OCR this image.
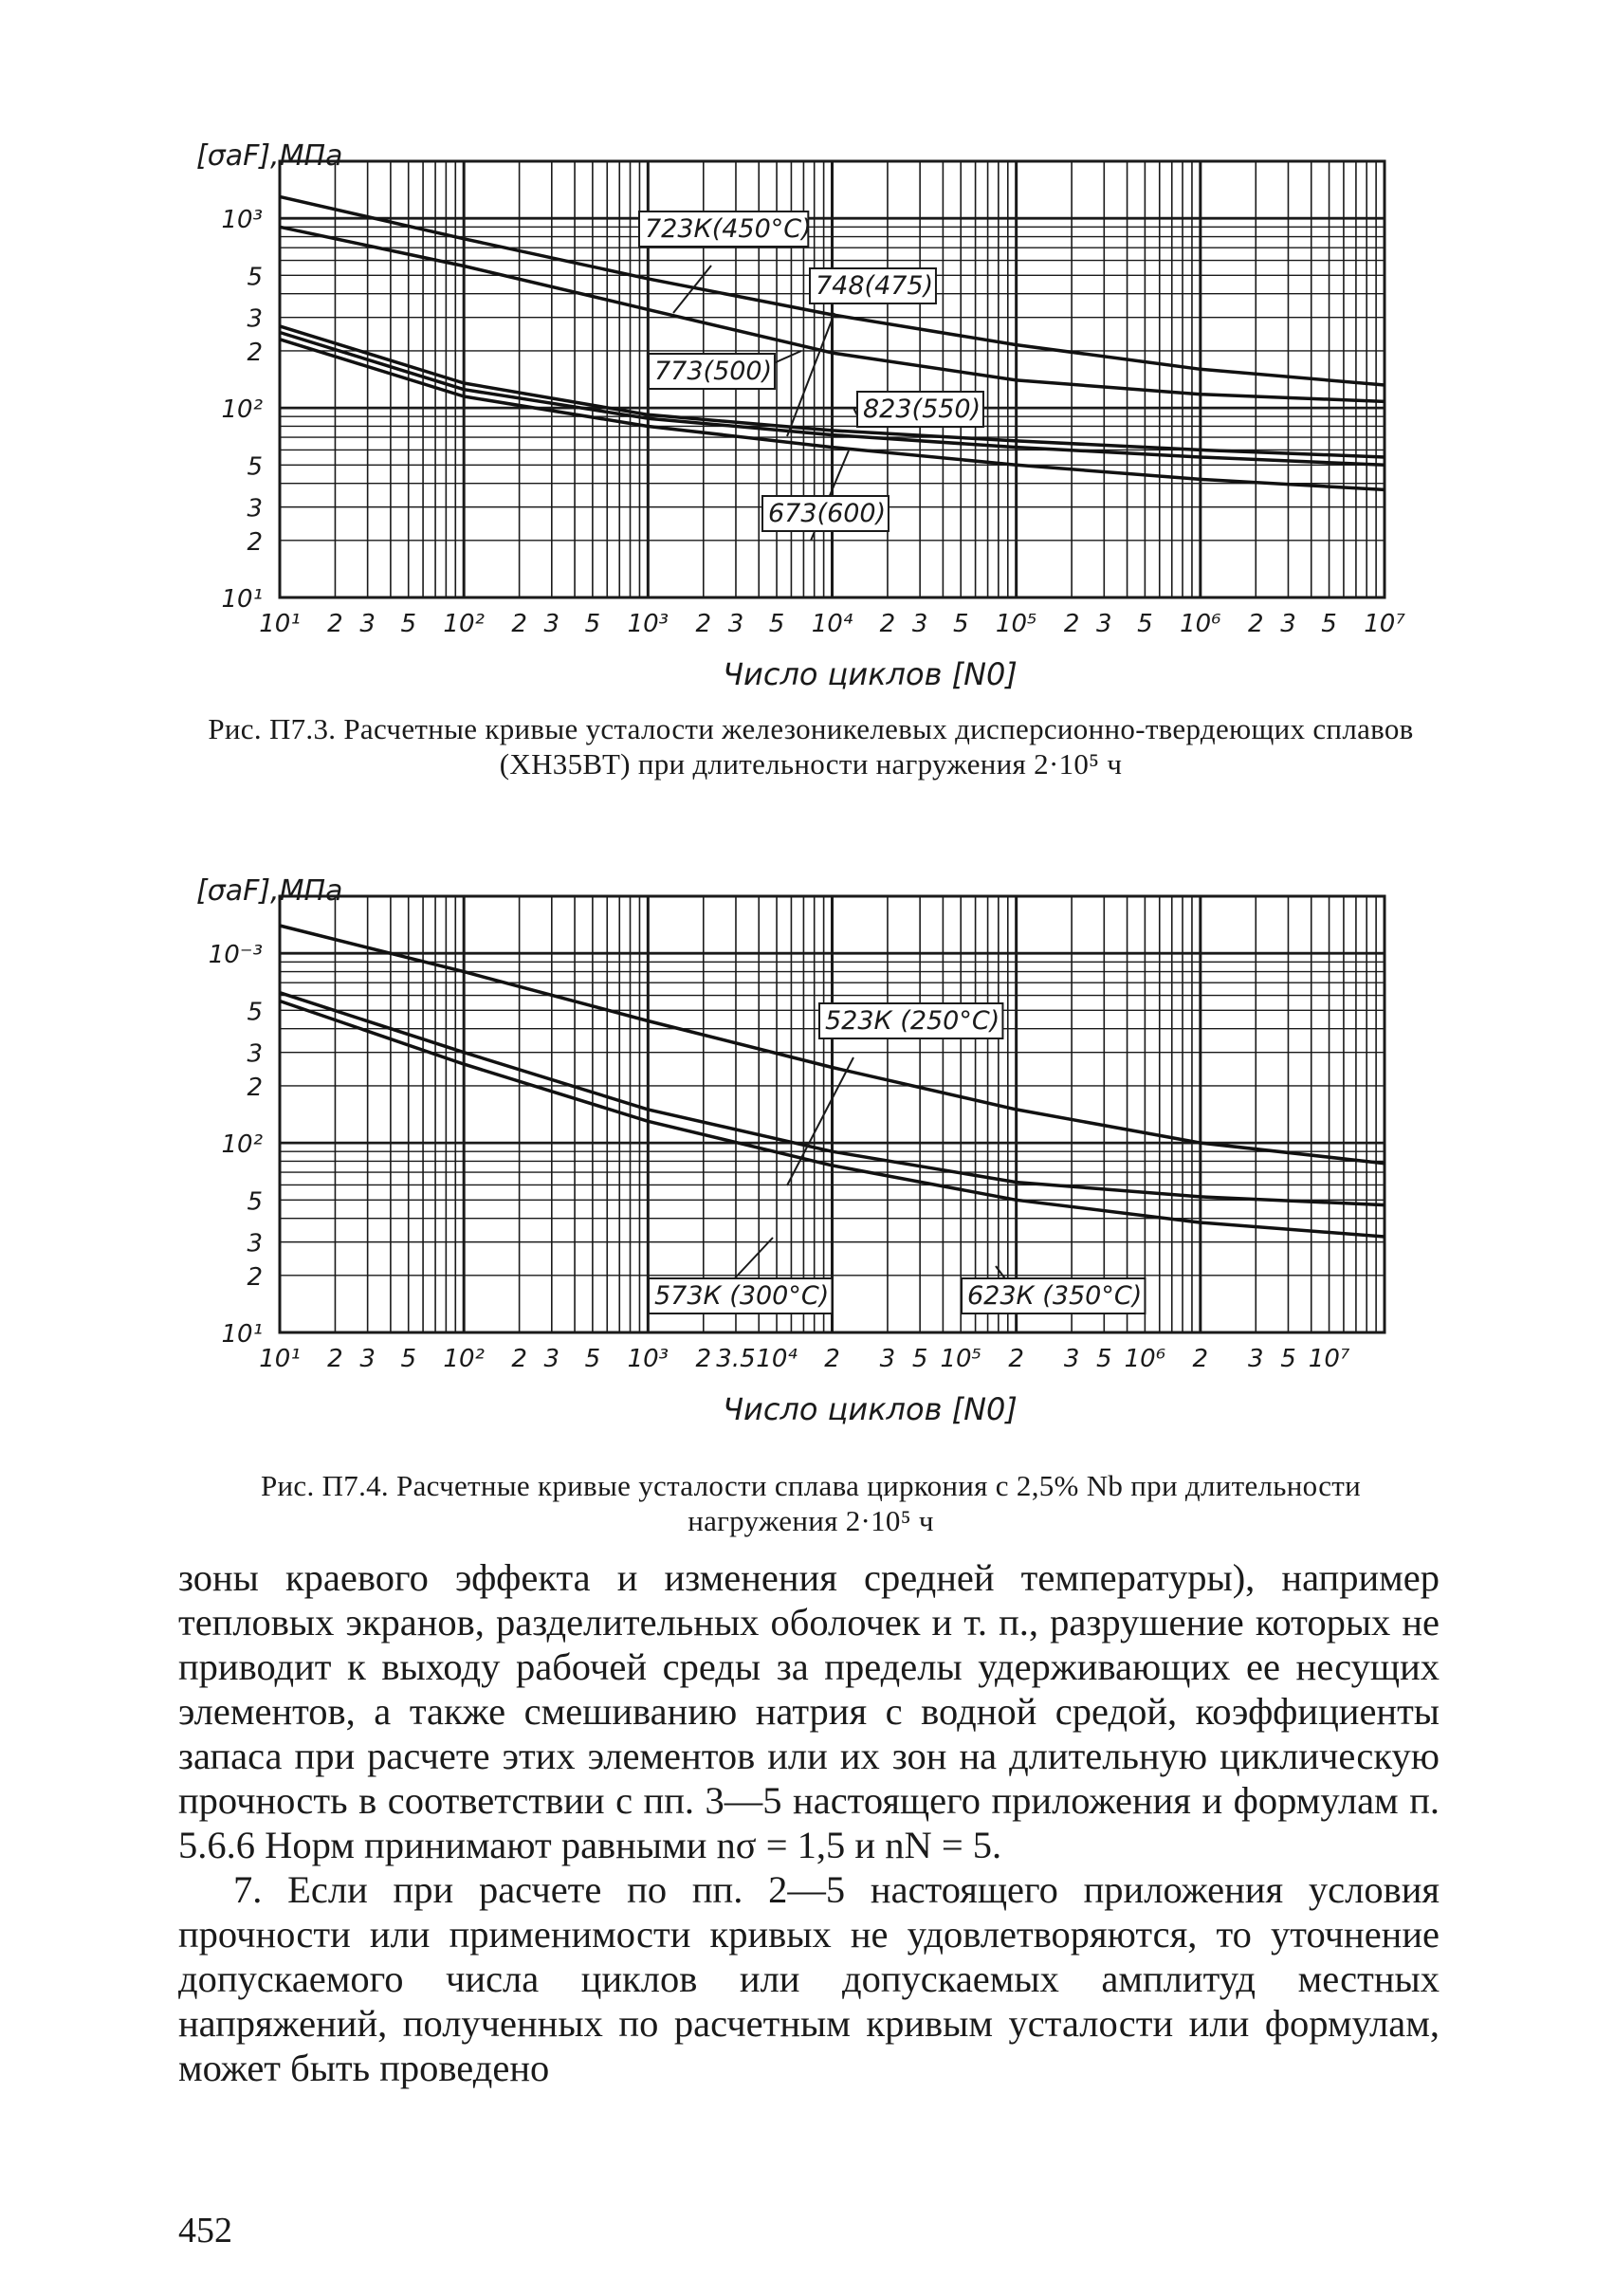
10¹
2
3
5
10²
2
3
5
10³
[σaF],МПа
10¹ 2 3 5 10² 2 3 5 10³ 2 3 5 10⁴ 2 3 5 10⁵ 2 3 5 10⁶ 2 3 5 10⁷
Число циклов [N0]
723К(450°С)
748(475)
773(500)
823(550)
673(600)
Рис. П7.3. Расчетные кривые усталости железоникелевых дисперсионно-твердеющих сплавов (ХН35ВТ) при длительности нагружения 2·10⁵ ч
10¹
2
3
5
10²
2
3
5
10⁻³
[σaF],МПа
10¹ 2 3 5 10² 2 3 5 10³ 2 3.5 10⁴ 2 3 5 10⁵ 2 3 5 10⁶ 2 3 5 10⁷
Число циклов [N0]
523К (250°С)
573К (300°С)	623К (350°С)
Рис. П7.4. Расчетные кривые усталости сплава циркония с 2,5% Nb при длительности нагружения 2·10⁵ ч

зоны краевого эффекта и изменения средней температуры), например тепловых экранов, разделительных оболочек и т. п., разрушение которых не приводит к выходу рабочей среды за пределы удерживающих ее несущих элементов, а также смешиванию натрия с водной средой, коэффициенты запаса при расчете этих элементов или их зон на длительную циклическую прочность в соответствии с пп. 3—5 настоящего приложения и формулам п. 5.6.6 Норм принимают равными nσ = 1,5 и nN = 5.

7. Если при расчете по пп. 2—5 настоящего приложения условия прочности или применимости кривых не удовлетворяются, то уточнение допускаемого числа циклов или допускаемых амплитуд местных напряжений, полученных по расчетным кривым усталости или формулам, может быть проведено

452
